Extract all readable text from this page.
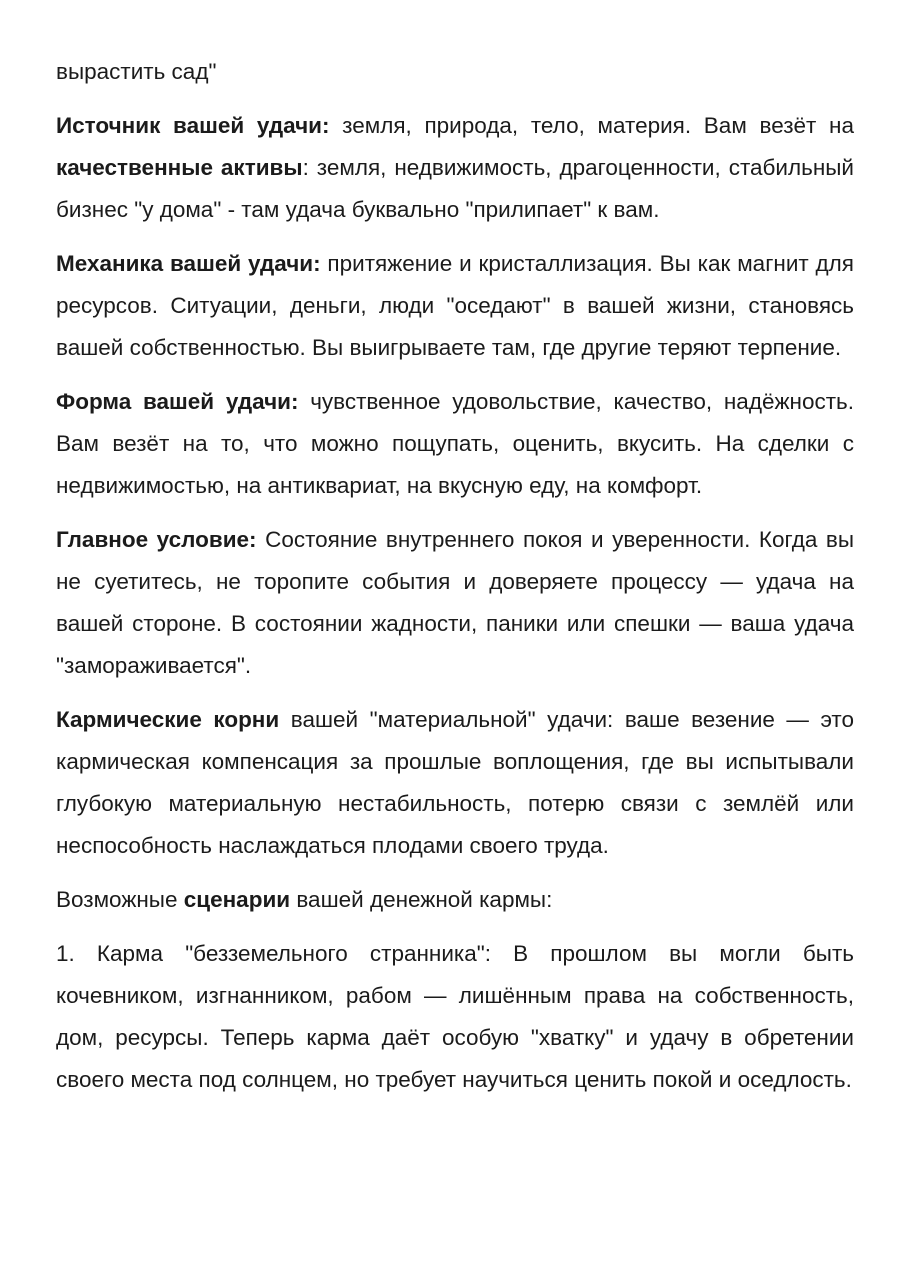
вырастить сад"

Источник вашей удачи: земля, природа, тело, материя. Вам везёт на качественные активы: земля, недвижимость, драгоценности, стабильный бизнес "у дома" - там удача буквально "прилипает" к вам.

Механика вашей удачи: притяжение и кристаллизация. Вы как магнит для ресурсов. Ситуации, деньги, люди "оседают" в вашей жизни, становясь вашей собственностью. Вы выигрываете там, где другие теряют терпение.

Форма вашей удачи: чувственное удовольствие, качество, надёжность. Вам везёт на то, что можно пощупать, оценить, вкусить. На сделки с недвижимостью, на антиквариат, на вкусную еду, на комфорт.

Главное условие: Состояние внутреннего покоя и уверенности. Когда вы не суетитесь, не торопите события и доверяете процессу — удача на вашей стороне. В состоянии жадности, паники или спешки — ваша удача "замораживается".

Кармические корни вашей "материальной" удачи: ваше везение — это кармическая компенсация за прошлые воплощения, где вы испытывали глубокую материальную нестабильность, потерю связи с землёй или неспособность наслаждаться плодами своего труда.

Возможные сценарии вашей денежной кармы:

1. Карма "безземельного странника": В прошлом вы могли быть кочевником, изгнанником, рабом — лишённым права на собственность, дом, ресурсы. Теперь карма даёт особую "хватку" и удачу в обретении своего места под солнцем, но требует научиться ценить покой и оседлость.
